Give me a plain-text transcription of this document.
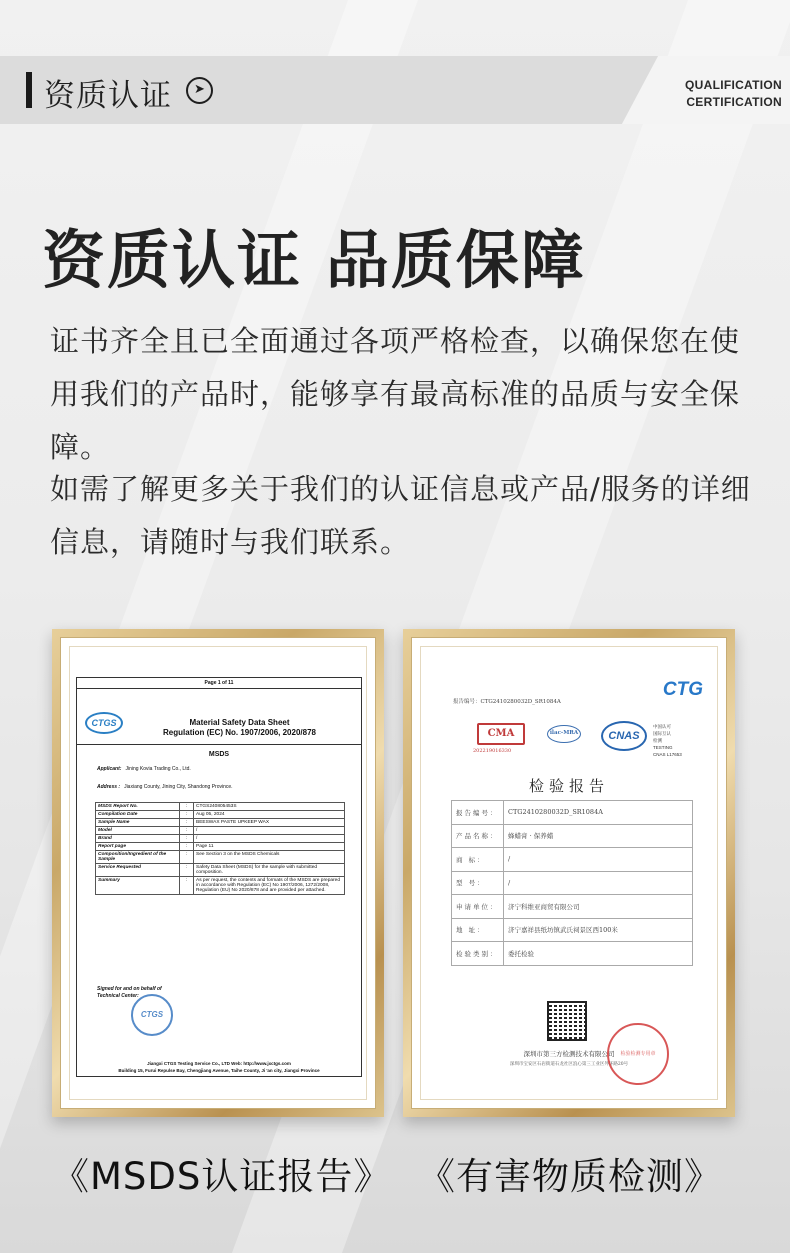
资质认证	➤	QUALIFICATION
CERTIFICATION
资质认证 品质保障

证书齐全且已全面通过各项严格检查，以确保您在使用我们的产品时，能够享有最高标准的品质与安全保障。

如需了解更多关于我们的认证信息或产品/服务的详细信息，请随时与我们联系。

Page 1 of 11
CTGS	Material Safety Data Sheet
Regulation (EC) No. 1907/2006, 2020/878
MSDS
Applicant: Jining Kovia Trading Co., Ltd.
Address : Jiaxiang County, Jining City, Shandong Province.
MSDS Report No.	:	CTGS240805453S
Compilation Date	:	Aug 05, 2024
Sample Name	:	BEESWAX PASTE UPKEEP WAX
Model	:	/
Brand	:	/
Report page	:	Page 11
Composition/Ingredient of the Sample	:	See Section 3 on the MSDS Chemicals
Service Requested	:	Safety Data Sheet (MSDS) for the sample with submitted composition.
Summary	:	As per request, the contents and formats of the MSDS are prepared in accordance with Regulation (EC) No 1907/2006, 1272/2008, Regulation (EU) No 2020/878 and are provided per attached.
Signed for and on behalf of Technical Center:
CTGS
Jiangxi CTGS Testing Service Co., LTD Web: http://www.jxctgs.com
Building 15, Furui Repulse Bay, Chengjiang Avenue, Taihe County, Ji 'an city, Jiangxi Province
报告编号：CTG2410280032D_SR1084A
CTG
CMA
202219016330
ilac-MRA	CNAS
中国认可
国际互认
检测
TESTING
CNAS L17653
检验报告
报告编号：	CTG2410280032D_SR1084A
产品名称：	蜂蜡膏 · 保养蜡
商 标：	/
型 号：	/
申请单位：	济宁科维亚商贸有限公司
地 址：	济宁嘉祥县纸坊镇武氏祠景区西100米
检验类别：	委托检验
深圳市第三方检测技术有限公司
深圳市宝安区石岩街道石龙社区浪心第三工业区外环路20号
检验检测专用章
《MSDS认证报告》 《有害物质检测》
